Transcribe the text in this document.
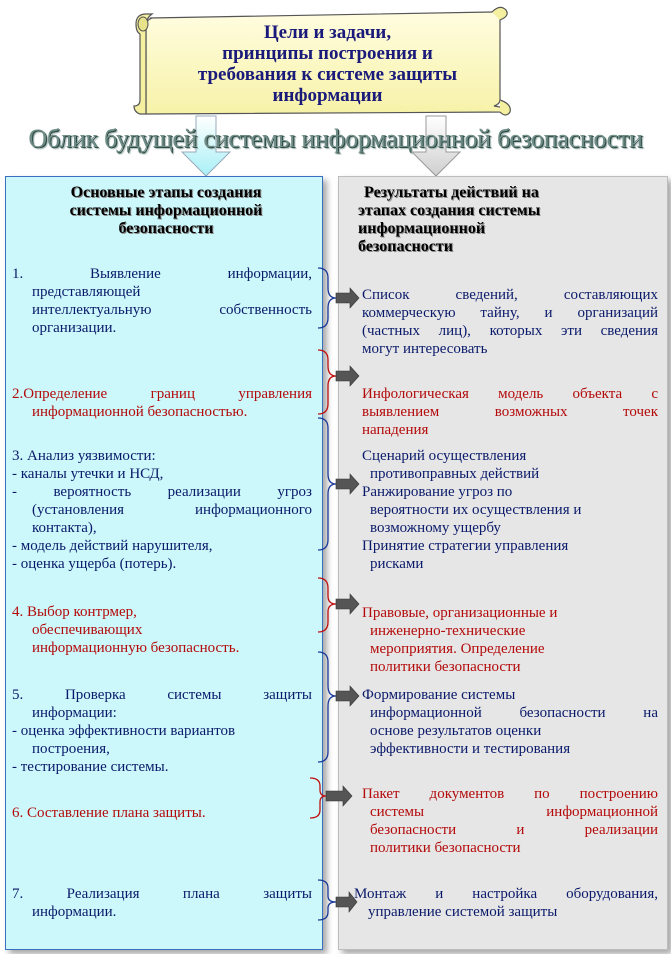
Цели и задачи,
принципы построения и
требования к системе защиты
информации
Облик будущей системы информационной безопасности
Основные этапы создания
системы информационной
безопасности
Результаты действий на
этапах создания системы
информационной
безопасности
1. Выявление информации,
представляющей
интеллектуальную собственность
организации.
2.Определение границ управления
информационной безопасностью.
3. Анализ уязвимости:
- каналы утечки и НСД,
- вероятность реализации угроз
(установления информационного
контакта),
- модель действий нарушителя,
- оценка ущерба (потерь).
4. Выбор контрмер,
обеспечивающих
информационную безопасность.
5. Проверка системы защиты
информации:
- оценка эффективности вариантов
построения,
- тестирование системы.
6. Составление плана защиты.
7. Реализация плана защиты
информации.
Список сведений, составляющих
коммерческую тайну, и организаций
(частных лиц), которых эти сведения
могут интересовать
Инфологическая модель объекта с
выявлением возможных точек
нападения
Сценарий осуществления
противоправных действий
Ранжирование угроз по
вероятности их осуществления и
возможному ущербу
Принятие стратегии управления
рисками
Правовые, организационные и
инженерно-технические
мероприятия. Определение
политики безопасности
Формирование системы
информационной безопасности на
основе результатов оценки
эффективности и тестирования
Пакет документов по построению
системы информационной
безопасности и реализации
политики безопасности
Монтаж и настройка оборудования,
управление системой защиты
